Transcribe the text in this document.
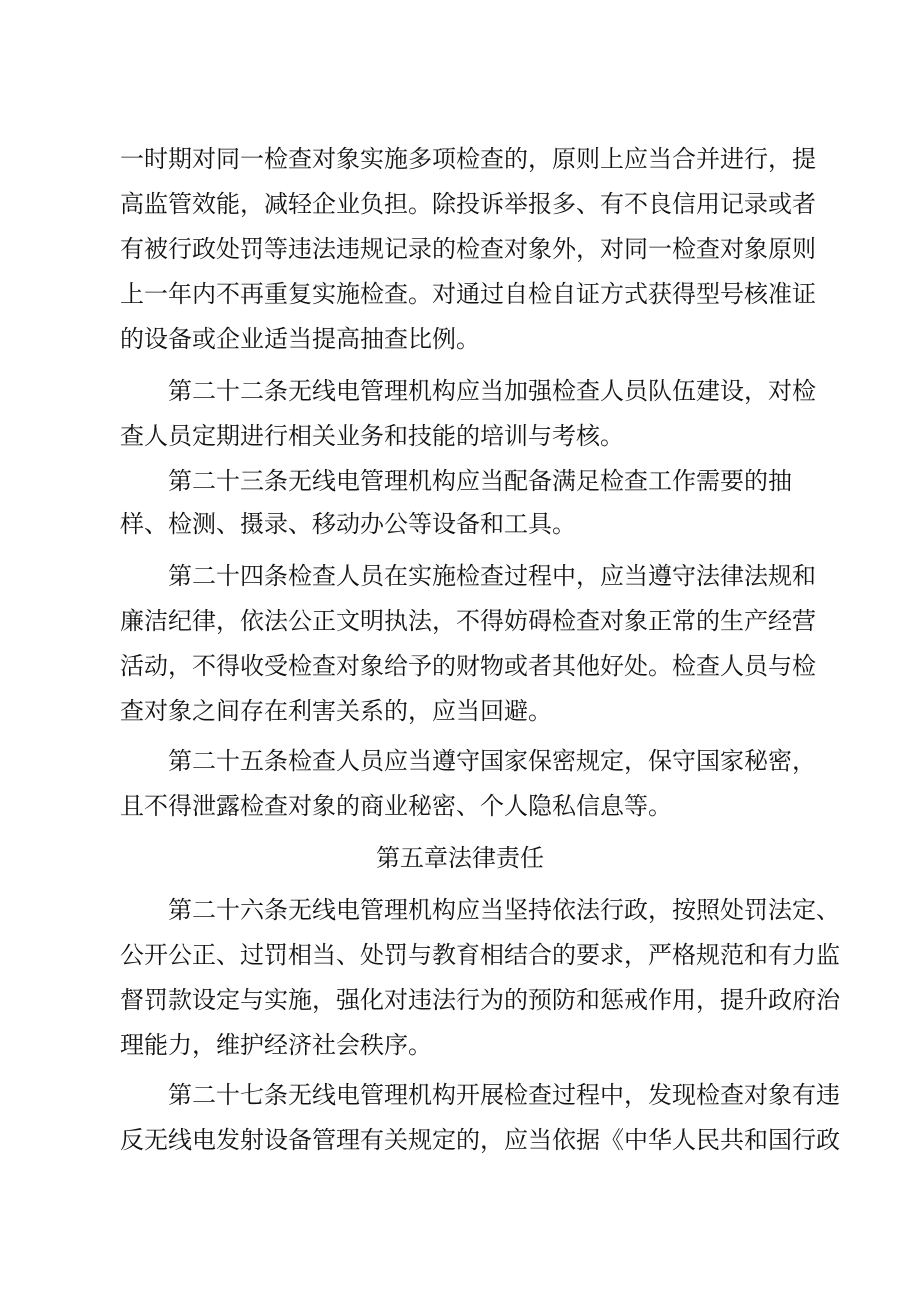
一时期对同一检查对象实施多项检查的，原则上应当合并进行，提
高监管效能，减轻企业负担。除投诉举报多、有不良信用记录或者
有被行政处罚等违法违规记录的检查对象外，对同一检查对象原则
上一年内不再重复实施检查。对通过自检自证方式获得型号核准证
的设备或企业适当提高抽查比例。
第二十二条无线电管理机构应当加强检查人员队伍建设，对检
查人员定期进行相关业务和技能的培训与考核。
第二十三条无线电管理机构应当配备满足检查工作需要的抽
样、检测、摄录、移动办公等设备和工具。
第二十四条检查人员在实施检查过程中，应当遵守法律法规和
廉洁纪律，依法公正文明执法，不得妨碍检查对象正常的生产经营
活动，不得收受检查对象给予的财物或者其他好处。检查人员与检
查对象之间存在利害关系的，应当回避。
第二十五条检查人员应当遵守国家保密规定，保守国家秘密，
且不得泄露检查对象的商业秘密、个人隐私信息等。
第五章法律责任
第二十六条无线电管理机构应当坚持依法行政，按照处罚法定、
公开公正、过罚相当、处罚与教育相结合的要求，严格规范和有力监
督罚款设定与实施，强化对违法行为的预防和惩戒作用，提升政府治
理能力，维护经济社会秩序。
第二十七条无线电管理机构开展检查过程中，发现检查对象有违
反无线电发射设备管理有关规定的，应当依据《中华人民共和国行政
